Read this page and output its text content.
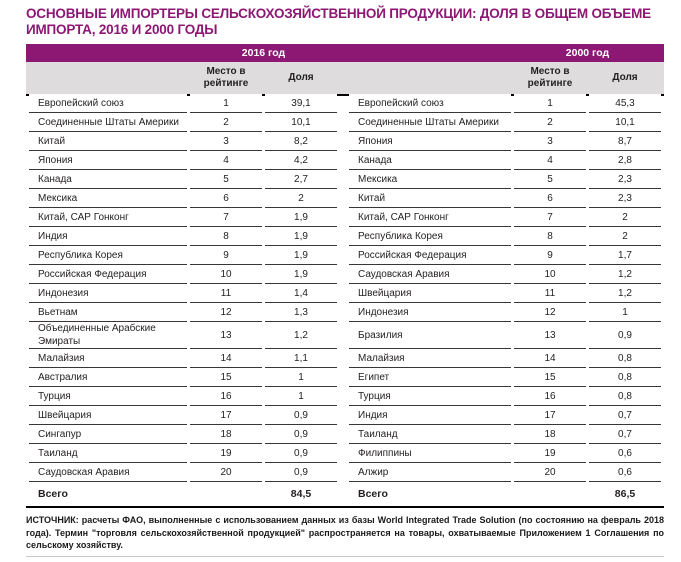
ОСНОВНЫЕ ИМПОРТЕРЫ СЕЛЬСКОХОЗЯЙСТВЕННОЙ ПРОДУКЦИИ: ДОЛЯ В ОБЩЕМ ОБЪЕМЕ ИМПОРТА, 2016 И 2000 ГОДЫ
	2016 год				2000 год	
	Место в рейтинге	Доля			Место в рейтинге	Доля
Европейский союз	1	39,1		Европейский союз	1	45,3
Соединенные Штаты Америки	2	10,1		Соединенные Штаты Америки	2	10,1
Китай	3	8,2		Япония	3	8,7
Япония	4	4,2		Канада	4	2,8
Канада	5	2,7		Мексика	5	2,3
Мексика	6	2		Китай	6	2,3
Китай, САР Гонконг	7	1,9		Китай, САР Гонконг	7	2
Индия	8	1,9		Республика Корея	8	2
Республика Корея	9	1,9		Российская Федерация	9	1,7
Российская Федерация	10	1,9		Саудовская Аравия	10	1,2
Индонезия	11	1,4		Швейцария	11	1,2
Вьетнам	12	1,3		Индонезия	12	1
Объединенные Арабские Эмираты	13	1,2		Бразилия	13	0,9
Малайзия	14	1,1		Малайзия	14	0,8
Австралия	15	1		Египет	15	0,8
Турция	16	1		Турция	16	0,8
Швейцария	17	0,9		Индия	17	0,7
Сингапур	18	0,9		Таиланд	18	0,7
Таиланд	19	0,9		Филиппины	19	0,6
Саудовская Аравия	20	0,9		Алжир	20	0,6
Всего		84,5		Всего		86,5

ИСТОЧНИК: расчеты ФАО, выполненные с использованием данных из базы World Integrated Trade Solution (по состоянию на февраль 2018 года). Термин "торговля сельскохозяйственной продукцией" распространяется на товары, охватываемые Приложением 1 Соглашения по сельскому хозяйству.
